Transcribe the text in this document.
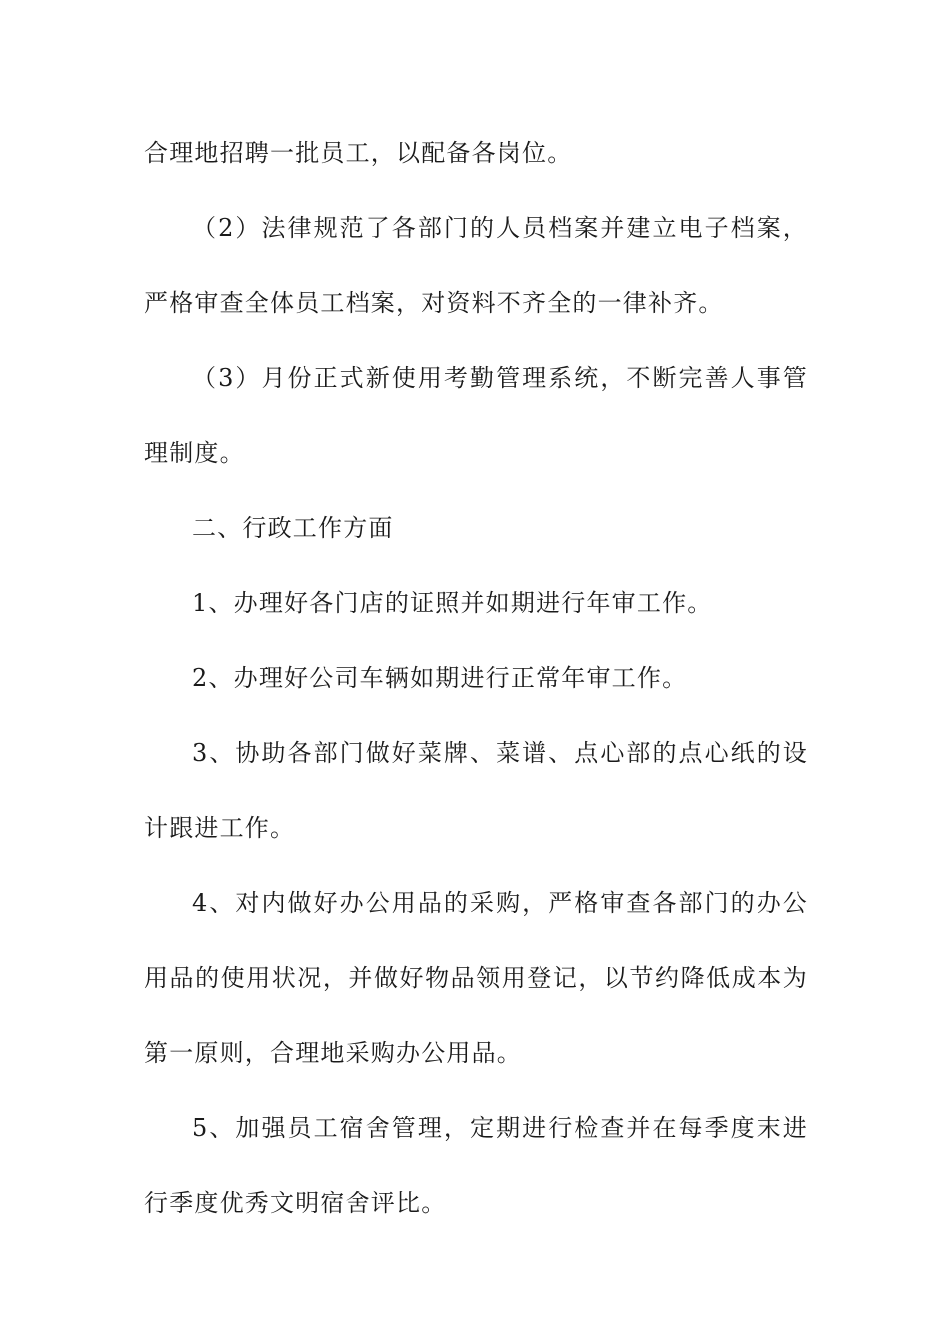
合理地招聘一批员工，以配备各岗位。

（2）法律规范了各部门的人员档案并建立电子档案，严格审查全体员工档案，对资料不齐全的一律补齐。

（3）月份正式新使用考勤管理系统，不断完善人事管理制度。

二、行政工作方面

1、办理好各门店的证照并如期进行年审工作。

2、办理好公司车辆如期进行正常年审工作。

3、协助各部门做好菜牌、菜谱、点心部的点心纸的设计跟进工作。

4、对内做好办公用品的采购，严格审查各部门的办公用品的使用状况，并做好物品领用登记，以节约降低成本为第一原则，合理地采购办公用品。

5、加强员工宿舍管理，定期进行检查并在每季度末进行季度优秀文明宿舍评比。
